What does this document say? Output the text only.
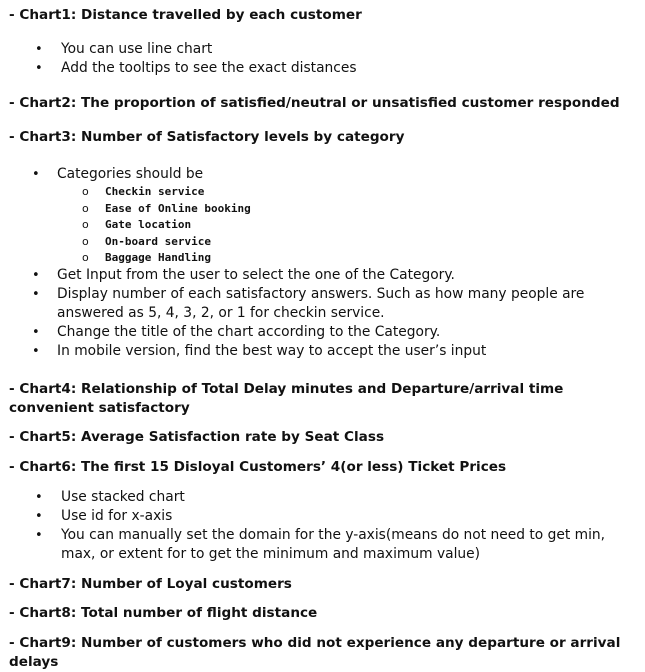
- Chart1: Distance travelled by each customer
• You can use line chart
• Add the tooltips to see the exact distances
- Chart2: The proportion of satisfied/neutral or unsatisfied customer responded
- Chart3: Number of Satisfactory levels by category
• Categories should be
o Checkin service
o Ease of Online booking
o Gate location
o On-board service
o Baggage Handling
• Get Input from the user to select the one of the Category.
• Display number of each satisfactory answers. Such as how many people are answered as 5, 4, 3, 2, or 1 for checkin service.
• Change the title of the chart according to the Category.
• In mobile version, find the best way to accept the user’s input
- Chart4: Relationship of Total Delay minutes and Departure/arrival time convenient satisfactory
- Chart5: Average Satisfaction rate by Seat Class
- Chart6: The first 15 Disloyal Customers’ 4(or less) Ticket Prices
• Use stacked chart
• Use id for x-axis
• You can manually set the domain for the y-axis(means do not need to get min, max, or extent for to get the minimum and maximum value)
- Chart7: Number of Loyal customers
- Chart8: Total number of flight distance
- Chart9: Number of customers who did not experience any departure or arrival delays
